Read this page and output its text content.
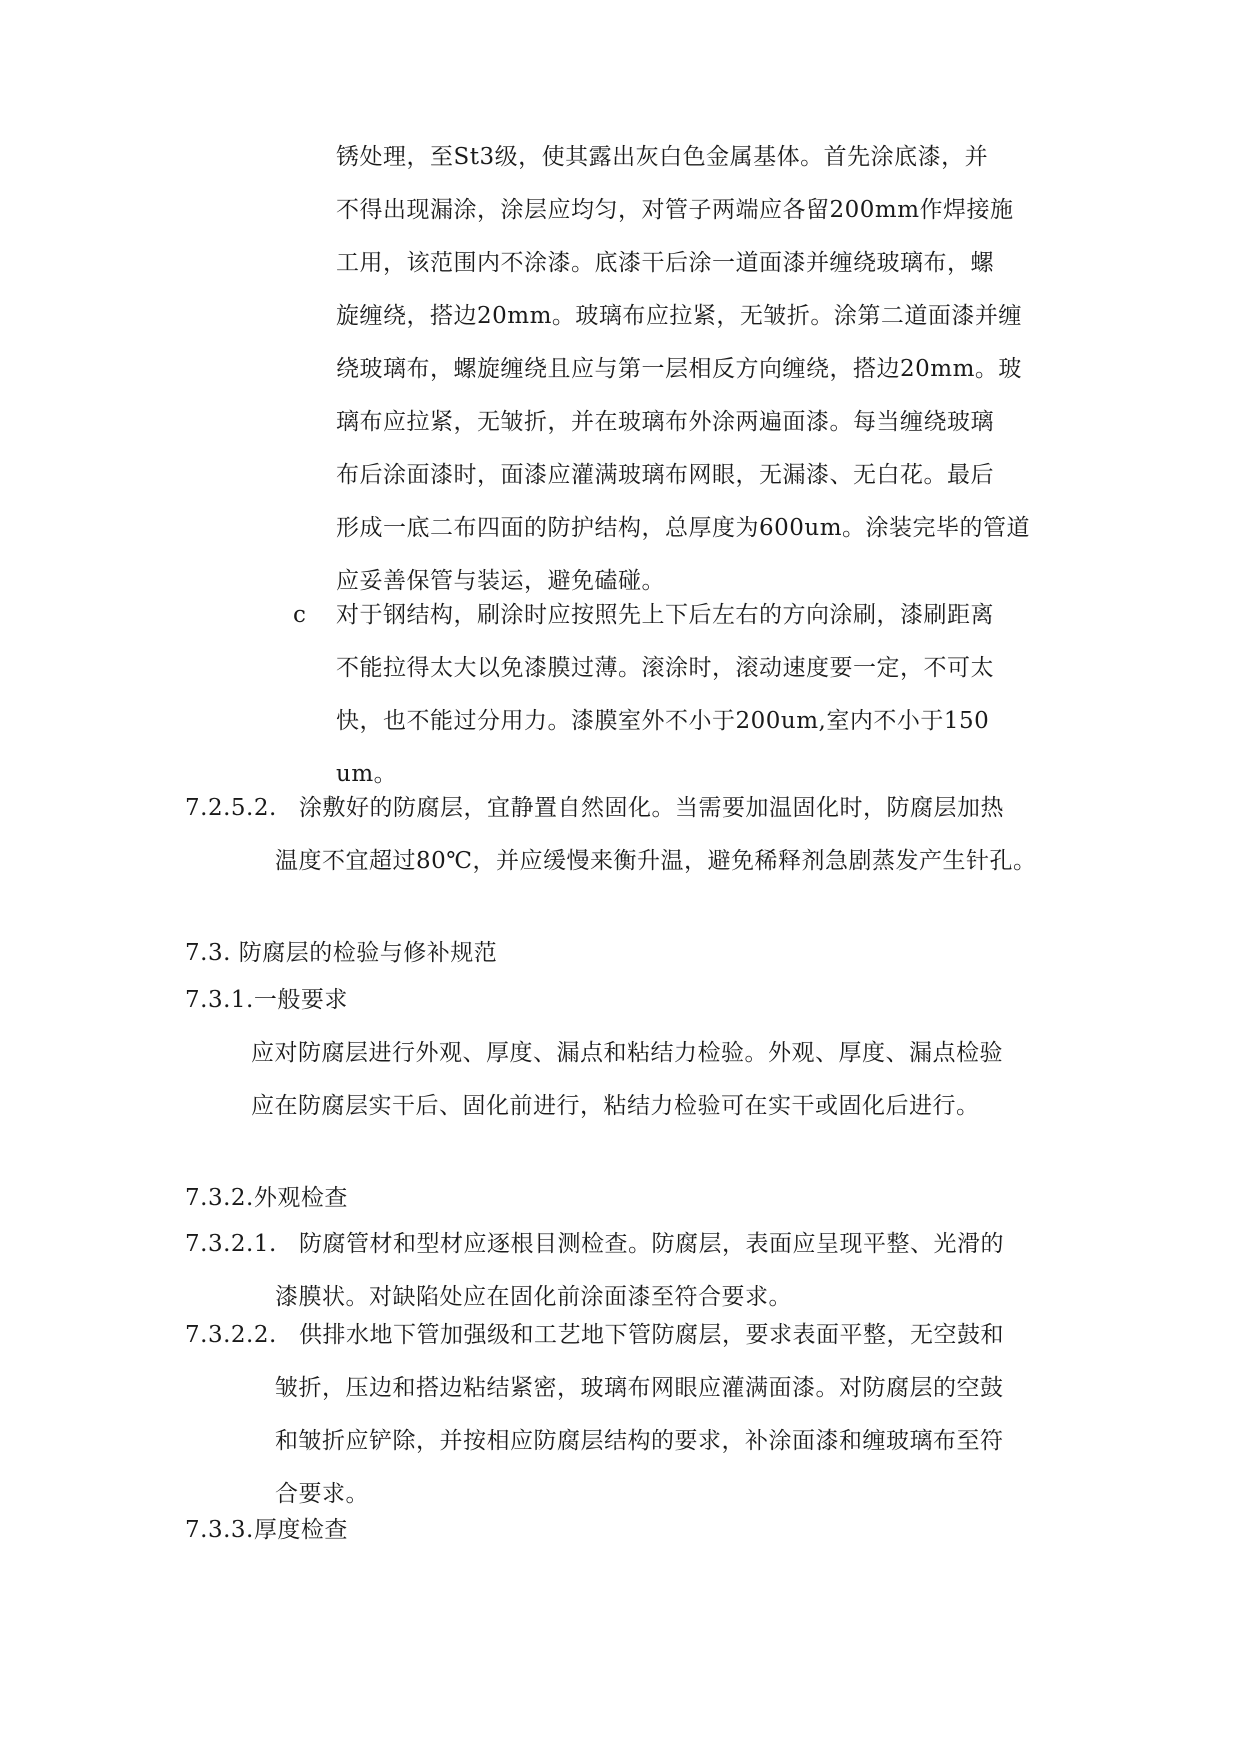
锈处理，至St3级，使其露出灰白色金属基体。首先涂底漆，并
不得出现漏涂，涂层应均匀，对管子两端应各留200mm作焊接施
工用，该范围内不涂漆。底漆干后涂一道面漆并缠绕玻璃布，螺
旋缠绕，搭边20mm。玻璃布应拉紧，无皱折。涂第二道面漆并缠
绕玻璃布，螺旋缠绕且应与第一层相反方向缠绕，搭边20mm。玻
璃布应拉紧，无皱折，并在玻璃布外涂两遍面漆。每当缠绕玻璃
布后涂面漆时，面漆应灌满玻璃布网眼，无漏漆、无白花。最后
形成一底二布四面的防护结构，总厚度为600um。涂装完毕的管道
应妥善保管与装运，避免磕碰。
c 对于钢结构，刷涂时应按照先上下后左右的方向涂刷，漆刷距离
不能拉得太大以免漆膜过薄。滚涂时，滚动速度要一定，不可太
快，也不能过分用力。漆膜室外不小于200um,室内不小于150
um。
7.2.5.2. 涂敷好的防腐层，宜静置自然固化。当需要加温固化时，防腐层加热
温度不宜超过80℃，并应缓慢来衡升温，避免稀释剂急剧蒸发产生针孔。
7.3. 防腐层的检验与修补规范
7.3.1.一般要求
应对防腐层进行外观、厚度、漏点和粘结力检验。外观、厚度、漏点检验
应在防腐层实干后、固化前进行，粘结力检验可在实干或固化后进行。
7.3.2.外观检查
7.3.2.1. 防腐管材和型材应逐根目测检查。防腐层，表面应呈现平整、光滑的
漆膜状。对缺陷处应在固化前涂面漆至符合要求。
7.3.2.2. 供排水地下管加强级和工艺地下管防腐层，要求表面平整，无空鼓和
皱折，压边和搭边粘结紧密，玻璃布网眼应灌满面漆。对防腐层的空鼓
和皱折应铲除，并按相应防腐层结构的要求，补涂面漆和缠玻璃布至符
合要求。
7.3.3.厚度检查
